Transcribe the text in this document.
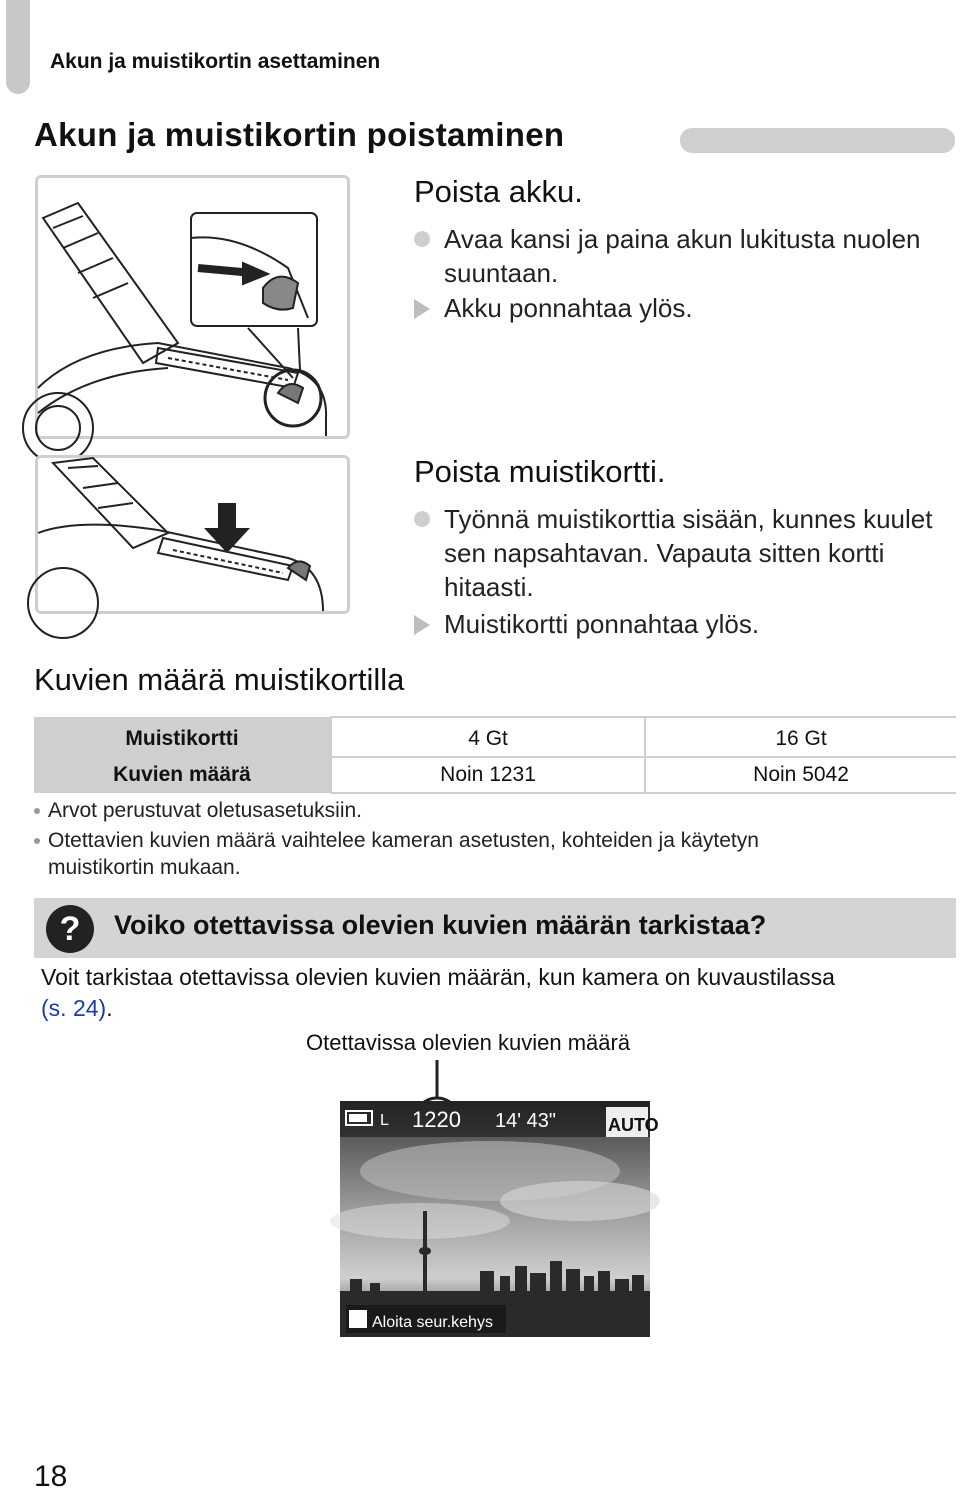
Akun ja muistikortin asettaminen
Akun ja muistikortin poistaminen
Poista akku.
Avaa kansi ja paina akun lukitusta nuolen
suuntaan.
Akku ponnahtaa ylös.
Poista muistikortti.
Työnnä muistikorttia sisään, kunnes kuulet
sen napsahtavan. Vapauta sitten kortti
hitaasti.
Muistikortti ponnahtaa ylös.
Kuvien määrä muistikortilla
Muistikortti	4 Gt	16 Gt
Kuvien määrä	Noin 1231	Noin 5042
Arvot perustuvat oletusasetuksiin.
Otettavien kuvien määrä vaihtelee kameran asetusten, kohteiden ja käytetyn
muistikortin mukaan.
?	Voiko otettavissa olevien kuvien määrän tarkistaa?
Voit tarkistaa otettavissa olevien kuvien määrän, kun kamera on kuvaustilassa
(s. 24).
Otettavissa olevien kuvien määrä
L 1220 14' 43"	AUTO
Aloita seur.kehys
18
